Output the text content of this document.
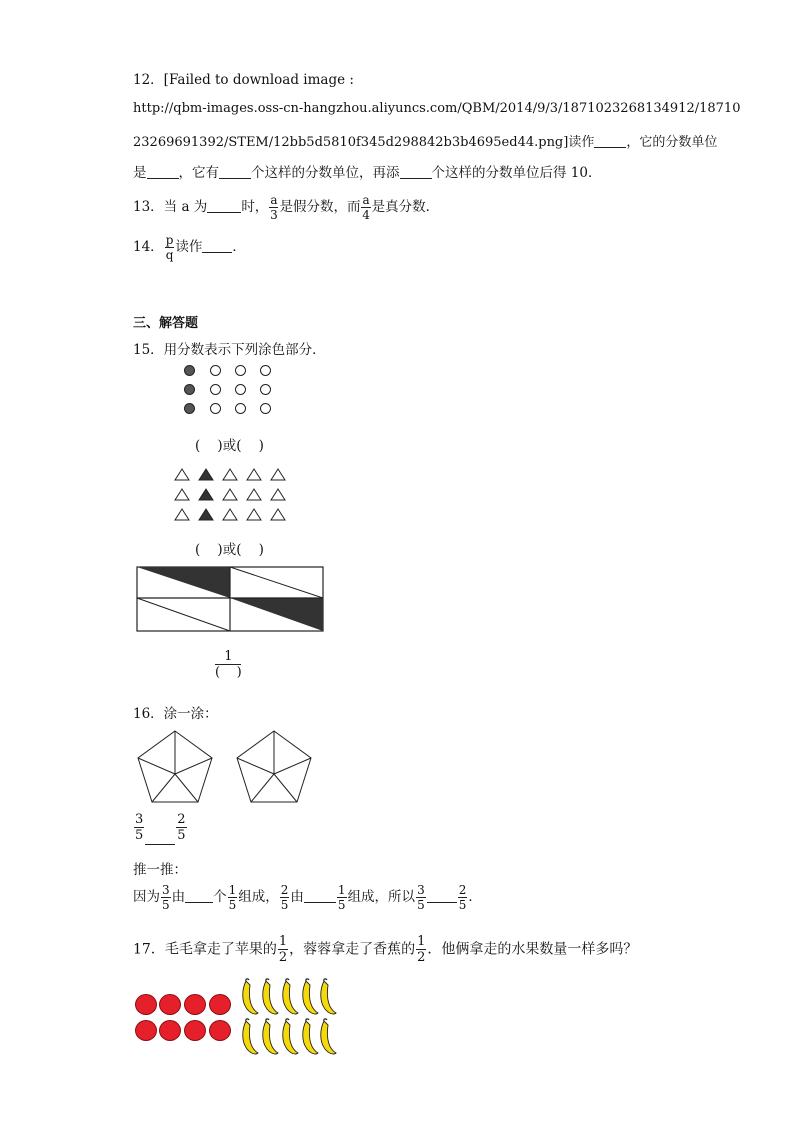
12．[Failed to download image :
http://qbm-images.oss-cn-hangzhou.aliyuncs.com/QBM/2014/9/3/1871023268134912/18710
23269691392/STEM/12bb5d5810f345d298842b3b4695ed44.png]读作 ，它的分数单位
是 ，它有 个这样的分数单位，再添 个这样的分数单位后得 10．
13．当 a 为	时， $\frac{a}{3}$ 是假分数，而 $\frac{a}{4}$ 是真分数．
14． $\frac{p}{q}$ 读作 ．
三、解答题
15．用分数表示下列涂色部分．
(    )或(    )
(    )或(    )
$\frac{1}{( )}$
16．涂一涂：
$\frac{3}{5} \frac{2}{5}$
推一推：
因为 $\frac{3}{5}$ 由 个 $\frac{1}{5}$ 组成， $\frac{2}{5}$ 由	$\frac{1}{5}$ 组成，所以 $\frac{3}{5}$	$\frac{2}{5}$ ．
17．毛毛拿走了苹果的 $\frac{1}{2}$ ，蓉蓉拿走了香蕉的 $\frac{1}{2}$ ．他俩拿走的水果数量一样多吗？
